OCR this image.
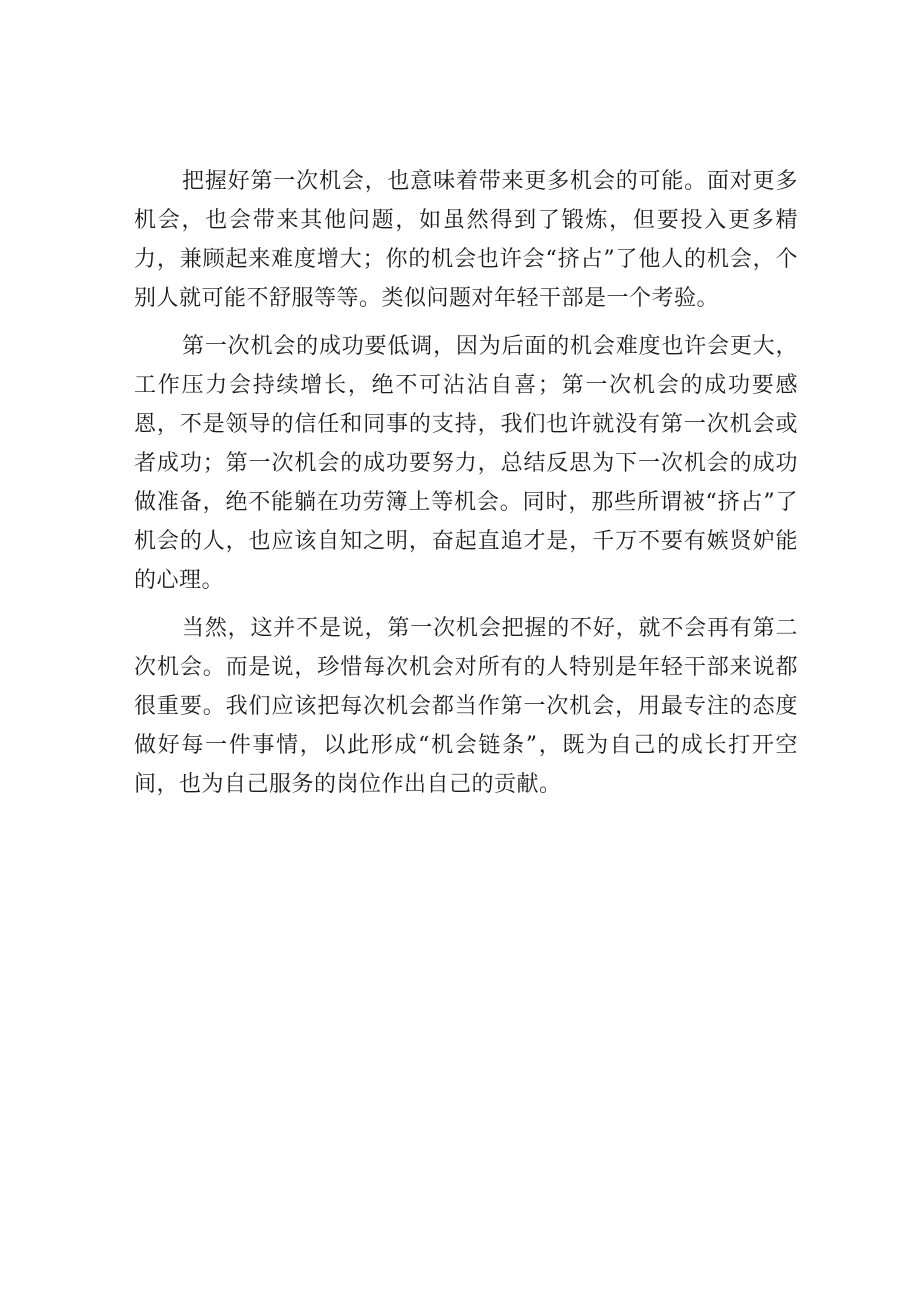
把握好第一次机会，也意味着带来更多机会的可能。面对更多机会，也会带来其他问题，如虽然得到了锻炼，但要投入更多精力，兼顾起来难度增大；你的机会也许会“挤占”了他人的机会，个别人就可能不舒服等等。类似问题对年轻干部是一个考验。

第一次机会的成功要低调，因为后面的机会难度也许会更大，工作压力会持续增长，绝不可沾沾自喜；第一次机会的成功要感恩，不是领导的信任和同事的支持，我们也许就没有第一次机会或者成功；第一次机会的成功要努力，总结反思为下一次机会的成功做准备，绝不能躺在功劳簿上等机会。同时，那些所谓被“挤占”了机会的人，也应该自知之明，奋起直追才是，千万不要有嫉贤妒能的心理。

当然，这并不是说，第一次机会把握的不好，就不会再有第二次机会。而是说，珍惜每次机会对所有的人特别是年轻干部来说都很重要。我们应该把每次机会都当作第一次机会，用最专注的态度做好每一件事情，以此形成“机会链条”，既为自己的成长打开空间，也为自己服务的岗位作出自己的贡献。
